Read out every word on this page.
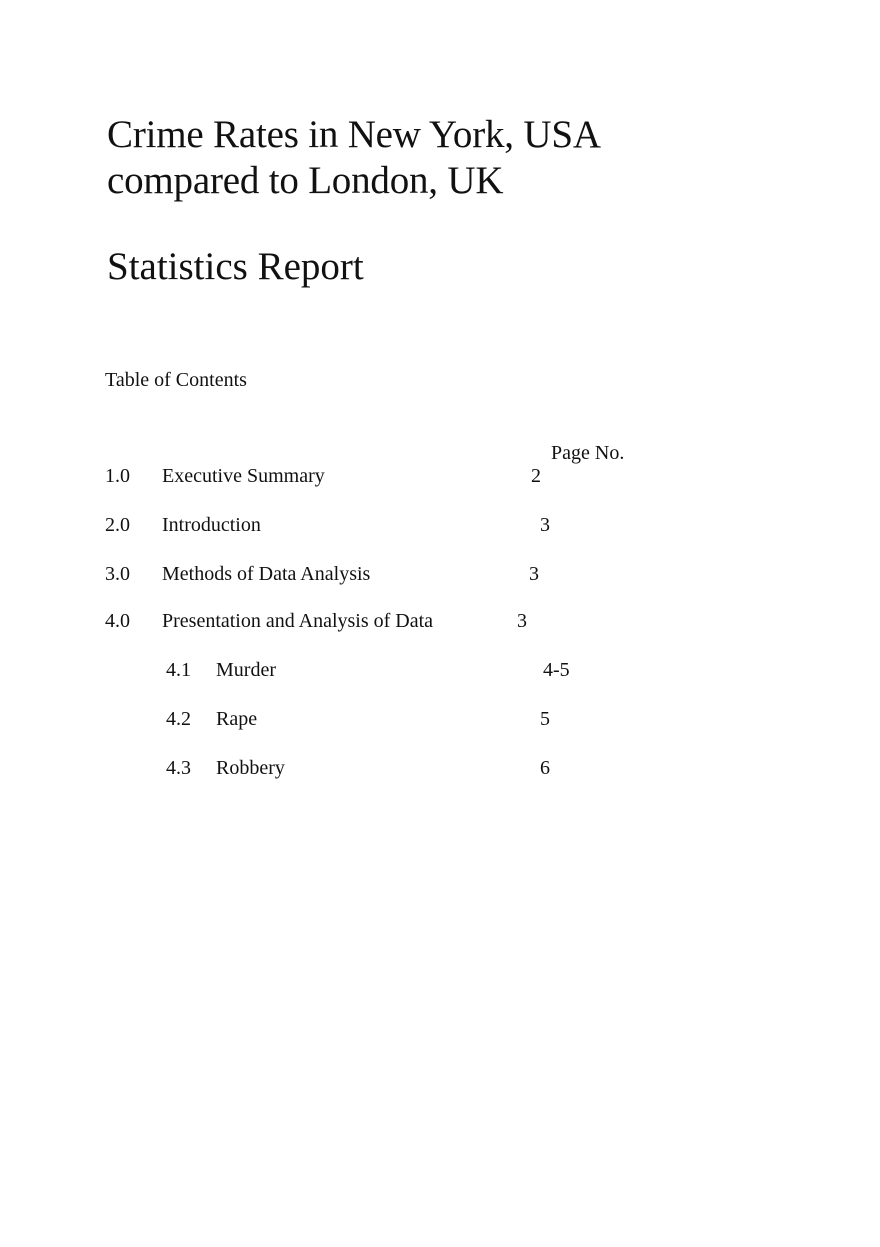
Crime Rates in New York, USA
compared to London, UK
Statistics Report
Table of Contents
Page No.
1.0 Executive Summary	2
2.0 Introduction	3
3.0 Methods of Data Analysis	3
4.0 Presentation and Analysis of Data	3
4.1 Murder	4-5
4.2 Rape	5
4.3 Robbery	6
